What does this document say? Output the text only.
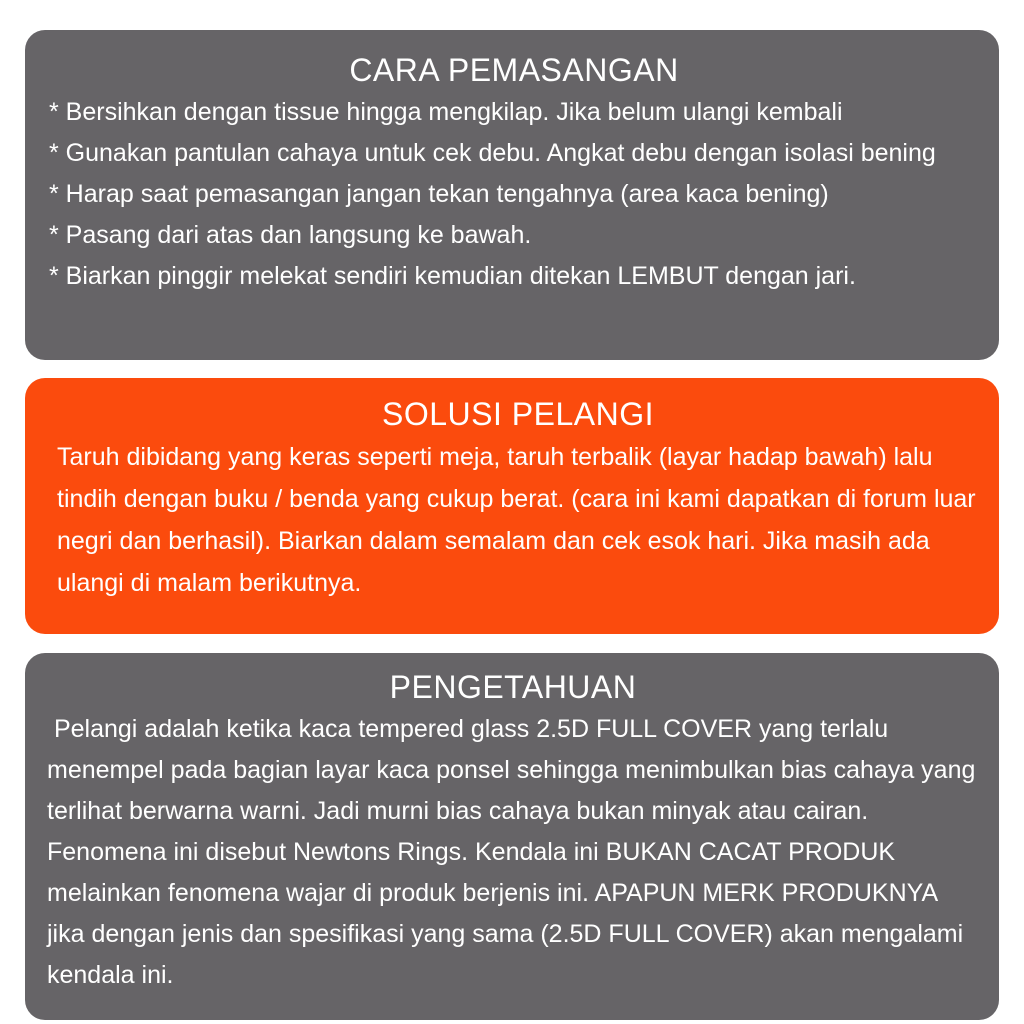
CARA PEMASANGAN
* Bersihkan dengan tissue hingga mengkilap. Jika belum ulangi kembali
* Gunakan pantulan cahaya untuk cek debu. Angkat debu dengan isolasi bening
* Harap saat pemasangan jangan tekan tengahnya (area kaca bening)
* Pasang dari atas dan langsung ke bawah.
* Biarkan pinggir melekat sendiri kemudian ditekan LEMBUT dengan jari.
SOLUSI PELANGI

Taruh dibidang yang keras seperti meja, taruh terbalik (layar hadap bawah) lalu tindih dengan buku / benda yang cukup berat. (cara ini kami dapatkan di forum luar negri dan berhasil). Biarkan dalam semalam dan cek esok hari. Jika masih ada ulangi di malam berikutnya.

PENGETAHUAN

Pelangi adalah ketika kaca tempered glass 2.5D FULL COVER yang terlalu menempel pada bagian layar kaca ponsel sehingga menimbulkan bias cahaya yang terlihat berwarna warni. Jadi murni bias cahaya bukan minyak atau cairan. Fenomena ini disebut Newtons Rings. Kendala ini BUKAN CACAT PRODUK melainkan fenomena wajar di produk berjenis ini. APAPUN MERK PRODUKNYA jika dengan jenis dan spesifikasi yang sama (2.5D FULL COVER) akan mengalami kendala ini.
